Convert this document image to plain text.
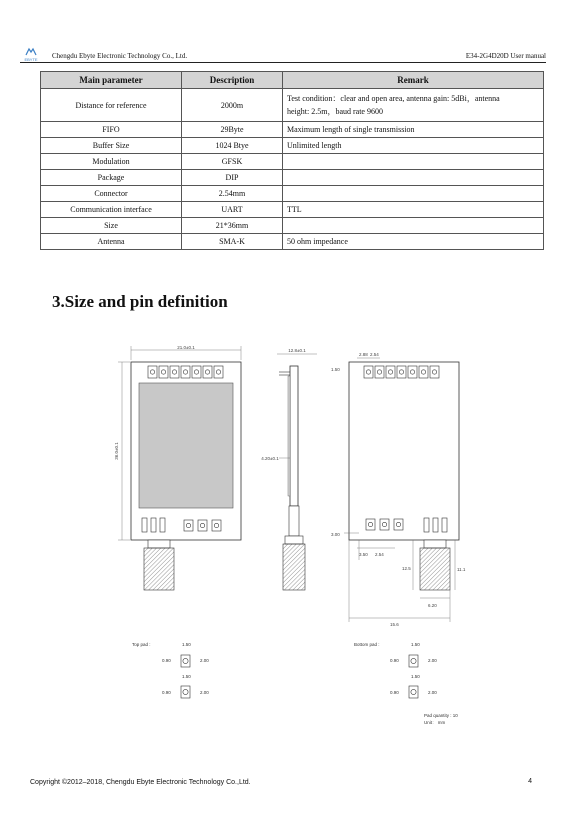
EBYTE	Chengdu Ebyte Electronic Technology Co., Ltd.	E34-2G4D20D User manual
Main parameter	Description	Remark
Distance for reference	2000m	Test condition：clear and open area, antenna gain: 5dBi，antenna
height: 2.5m，baud rate 9600

FIFO	29Byte	Maximum length of single transmission
Buffer Size	1024 Btye	Unlimited length
Modulation	GFSK	
Package	DIP	
Connector	2.54mm	
Communication interface	UART	TTL
Size	21*36mm	
Antenna	SMA-K	50 ohm impedance
3.Size and pin definition
21.0±0.1
36.0±0.1
12.8±0.1
4.20±0.1
2.88 2.54
1.50
3.00
3.50 2.54
12.5	11.1
6.20
15.6
Top pad :	1.50
0.90	2.00
1.50
0.90	2.00
Bottom pad :	1.50
0.90	2.00
1.50
0.90	2.00
Pad quantity : 10
Unit： mm
Copyright ©2012–2018, Chengdu Ebyte Electronic Technology Co.,Ltd.	4
